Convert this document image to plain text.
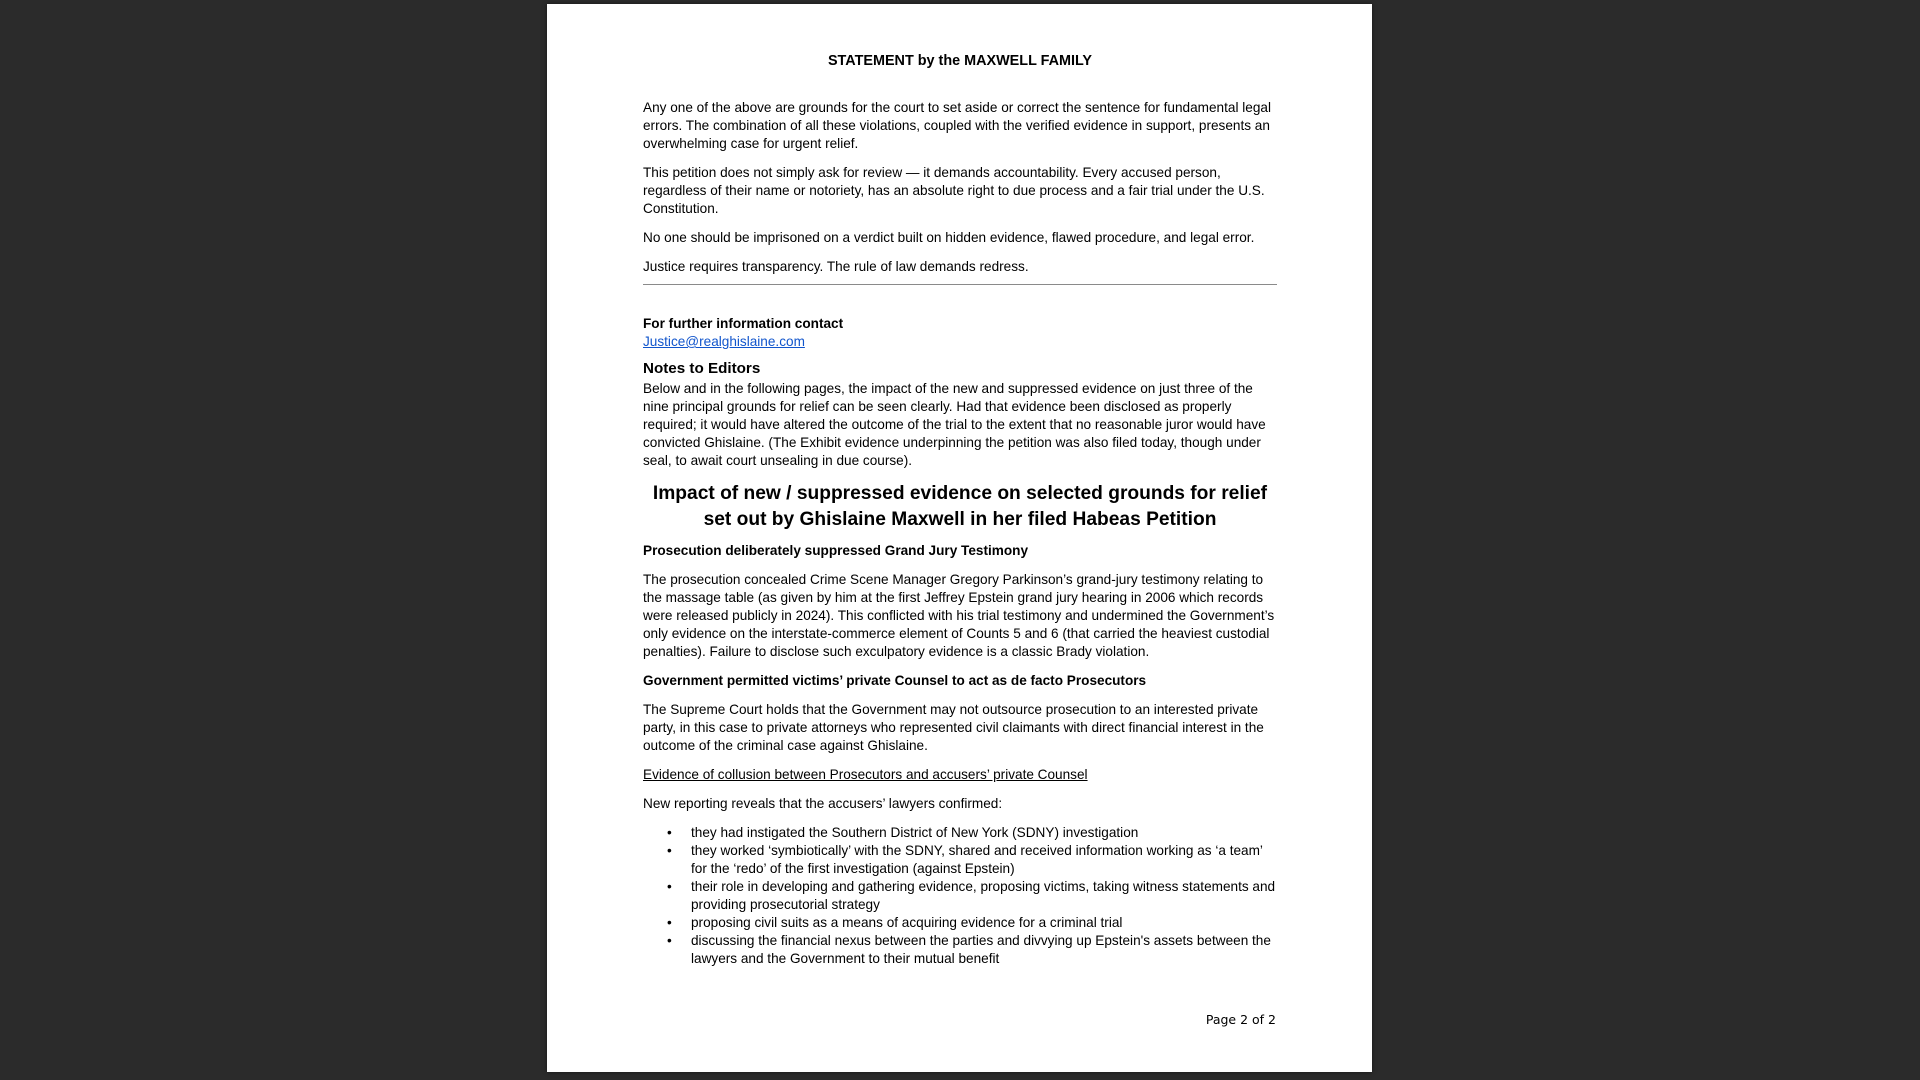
STATEMENT by the MAXWELL FAMILY

Any one of the above are grounds for the court to set aside or correct the sentence for fundamental legal errors. The combination of all these violations, coupled with the verified evidence in support, presents an overwhelming case for urgent relief.

This petition does not simply ask for review — it demands accountability. Every accused person, regardless of their name or notoriety, has an absolute right to due process and a fair trial under the U.S. Constitution.

No one should be imprisoned on a verdict built on hidden evidence, flawed procedure, and legal error.

Justice requires transparency. The rule of law demands redress.

For further information contact
Justice@realghislaine.com
Notes to Editors
Below and in the following pages, the impact of the new and suppressed evidence on just three of the nine principal grounds for relief can be seen clearly. Had that evidence been disclosed as properly required; it would have altered the outcome of the trial to the extent that no reasonable juror would have convicted Ghislaine. (The Exhibit evidence underpinning the petition was also filed today, though under seal, to await court unsealing in due course).
Impact of new / suppressed evidence on selected grounds for relief
set out by Ghislaine Maxwell in her filed Habeas Petition
Prosecution deliberately suppressed Grand Jury Testimony

The prosecution concealed Crime Scene Manager Gregory Parkinson’s grand-jury testimony relating to the massage table (as given by him at the first Jeffrey Epstein grand jury hearing in 2006 which records were released publicly in 2024). This conflicted with his trial testimony and undermined the Government’s only evidence on the interstate-commerce element of Counts 5 and 6 (that carried the heaviest custodial penalties). Failure to disclose such exculpatory evidence is a classic Brady violation.

Government permitted victims’ private Counsel to act as de facto Prosecutors

The Supreme Court holds that the Government may not outsource prosecution to an interested private party, in this case to private attorneys who represented civil claimants with direct financial interest in the outcome of the criminal case against Ghislaine.

Evidence of collusion between Prosecutors and accusers’ private Counsel

New reporting reveals that the accusers’ lawyers confirmed:

• they had instigated the Southern District of New York (SDNY) investigation
• they worked ‘symbiotically’ with the SDNY, shared and received information working as ‘a team’ for the ‘redo’ of the first investigation (against Epstein)
• their role in developing and gathering evidence, proposing victims, taking witness statements and providing prosecutorial strategy
• proposing civil suits as a means of acquiring evidence for a criminal trial
• discussing the financial nexus between the parties and divvying up Epstein's assets between the lawyers and the Government to their mutual benefit
Page 2 of 2
